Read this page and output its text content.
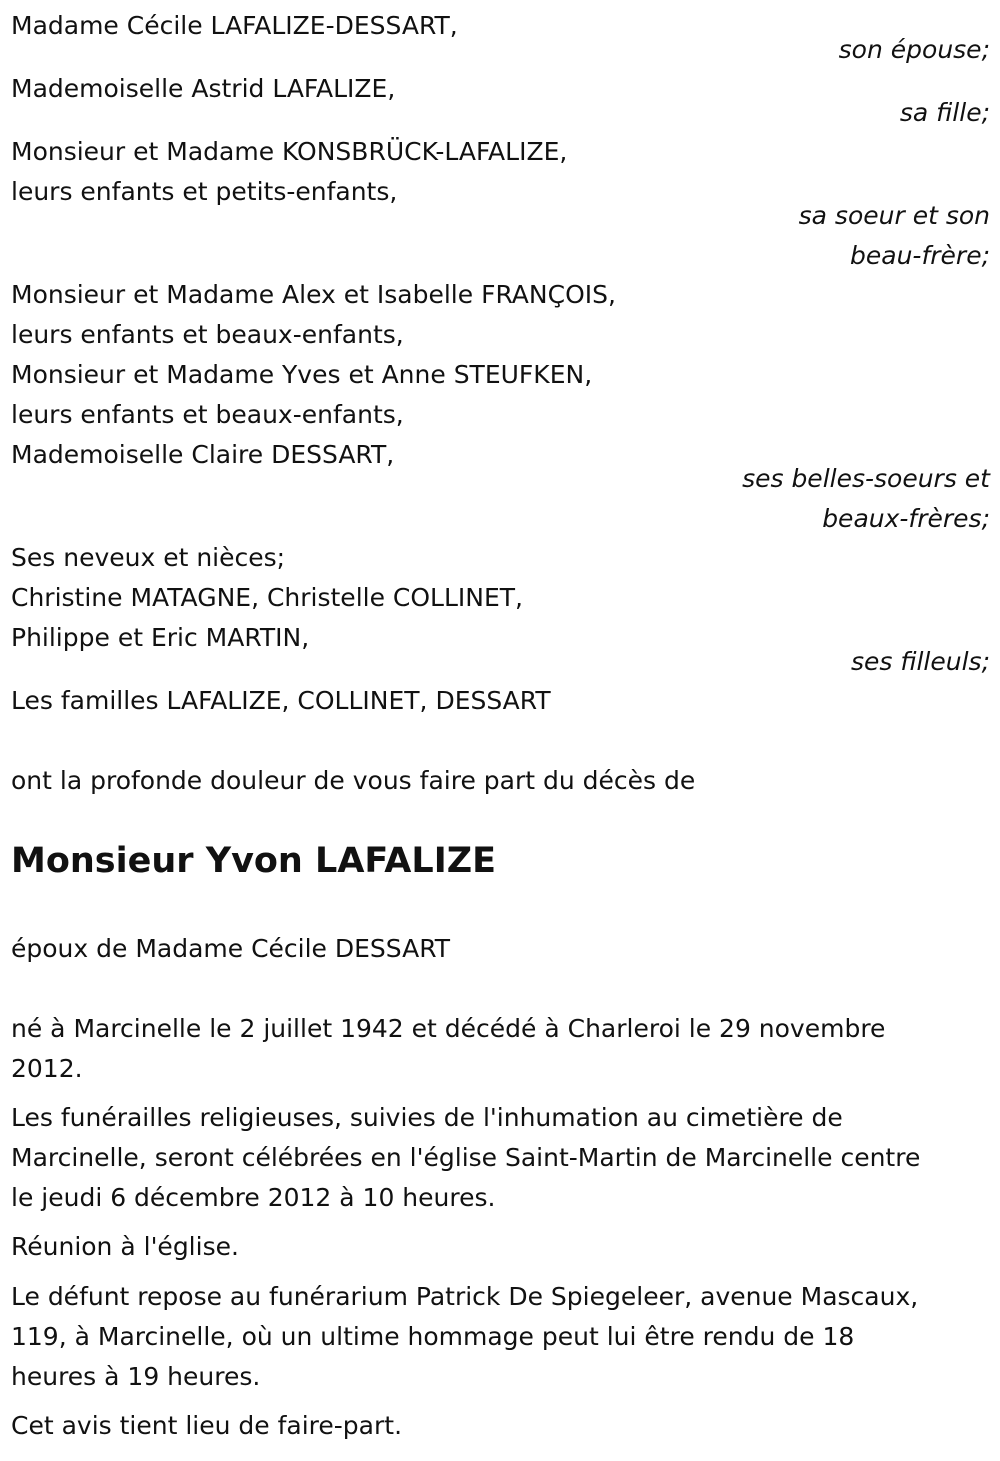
Madame Cécile LAFALIZE-DESSART,
son épouse;
Mademoiselle Astrid LAFALIZE,
sa fille;
Monsieur et Madame KONSBRÜCK-LAFALIZE,
leurs enfants et petits-enfants,
sa soeur et son
beau-frère;
Monsieur et Madame Alex et Isabelle FRANÇOIS,
leurs enfants et beaux-enfants,
Monsieur et Madame Yves et Anne STEUFKEN,
leurs enfants et beaux-enfants,
Mademoiselle Claire DESSART,
ses belles-soeurs et
beaux-frères;
Ses neveux et nièces;
Christine MATAGNE, Christelle COLLINET,
Philippe et Eric MARTIN,
ses filleuls;
Les familles LAFALIZE, COLLINET, DESSART
ont la profonde douleur de vous faire part du décès de
Monsieur Yvon LAFALIZE
époux de Madame Cécile DESSART
né à Marcinelle le 2 juillet 1942 et décédé à Charleroi le 29 novembre
2012.
Les funérailles religieuses, suivies de l'inhumation au cimetière de
Marcinelle, seront célébrées en l'église Saint-Martin de Marcinelle centre
le jeudi 6 décembre 2012 à 10 heures.
Réunion à l'église.
Le défunt repose au funérarium Patrick De Spiegeleer, avenue Mascaux,
119, à Marcinelle, où un ultime hommage peut lui être rendu de 18
heures à 19 heures.
Cet avis tient lieu de faire-part.
